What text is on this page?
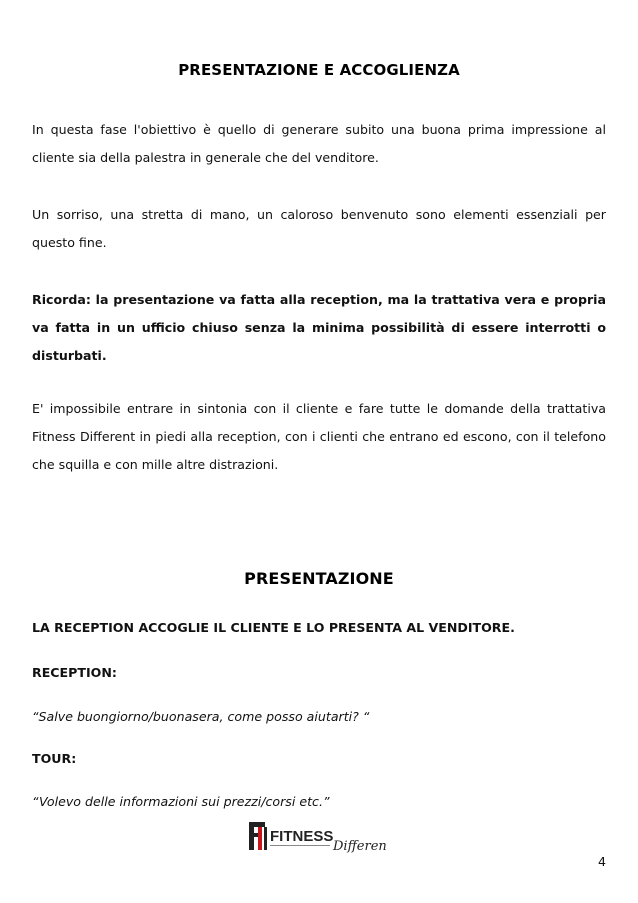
PRESENTAZIONE E ACCOGLIENZA

In questa fase l'obiettivo è quello di generare subito una buona prima impressione al cliente sia della palestra in generale che del venditore.

Un sorriso, una stretta di mano, un caloroso benvenuto sono elementi essenziali per questo fine.

Ricorda: la presentazione va fatta alla reception, ma la trattativa vera e propria va fatta in un ufficio chiuso senza la minima possibilità di essere interrotti o disturbati.

E' impossibile entrare in sintonia con il cliente e fare tutte le domande della trattativa Fitness Different in piedi alla reception, con i clienti che entrano ed escono, con il telefono che squilla e con mille altre distrazioni.

PRESENTAZIONE

LA RECEPTION ACCOGLIE IL CLIENTE E LO PRESENTA AL VENDITORE.

RECEPTION:

“Salve buongiorno/buonasera, come posso aiutarti? “

TOUR:

“Volevo delle informazioni sui prezzi/corsi etc.”

FITNESS
Different

4
